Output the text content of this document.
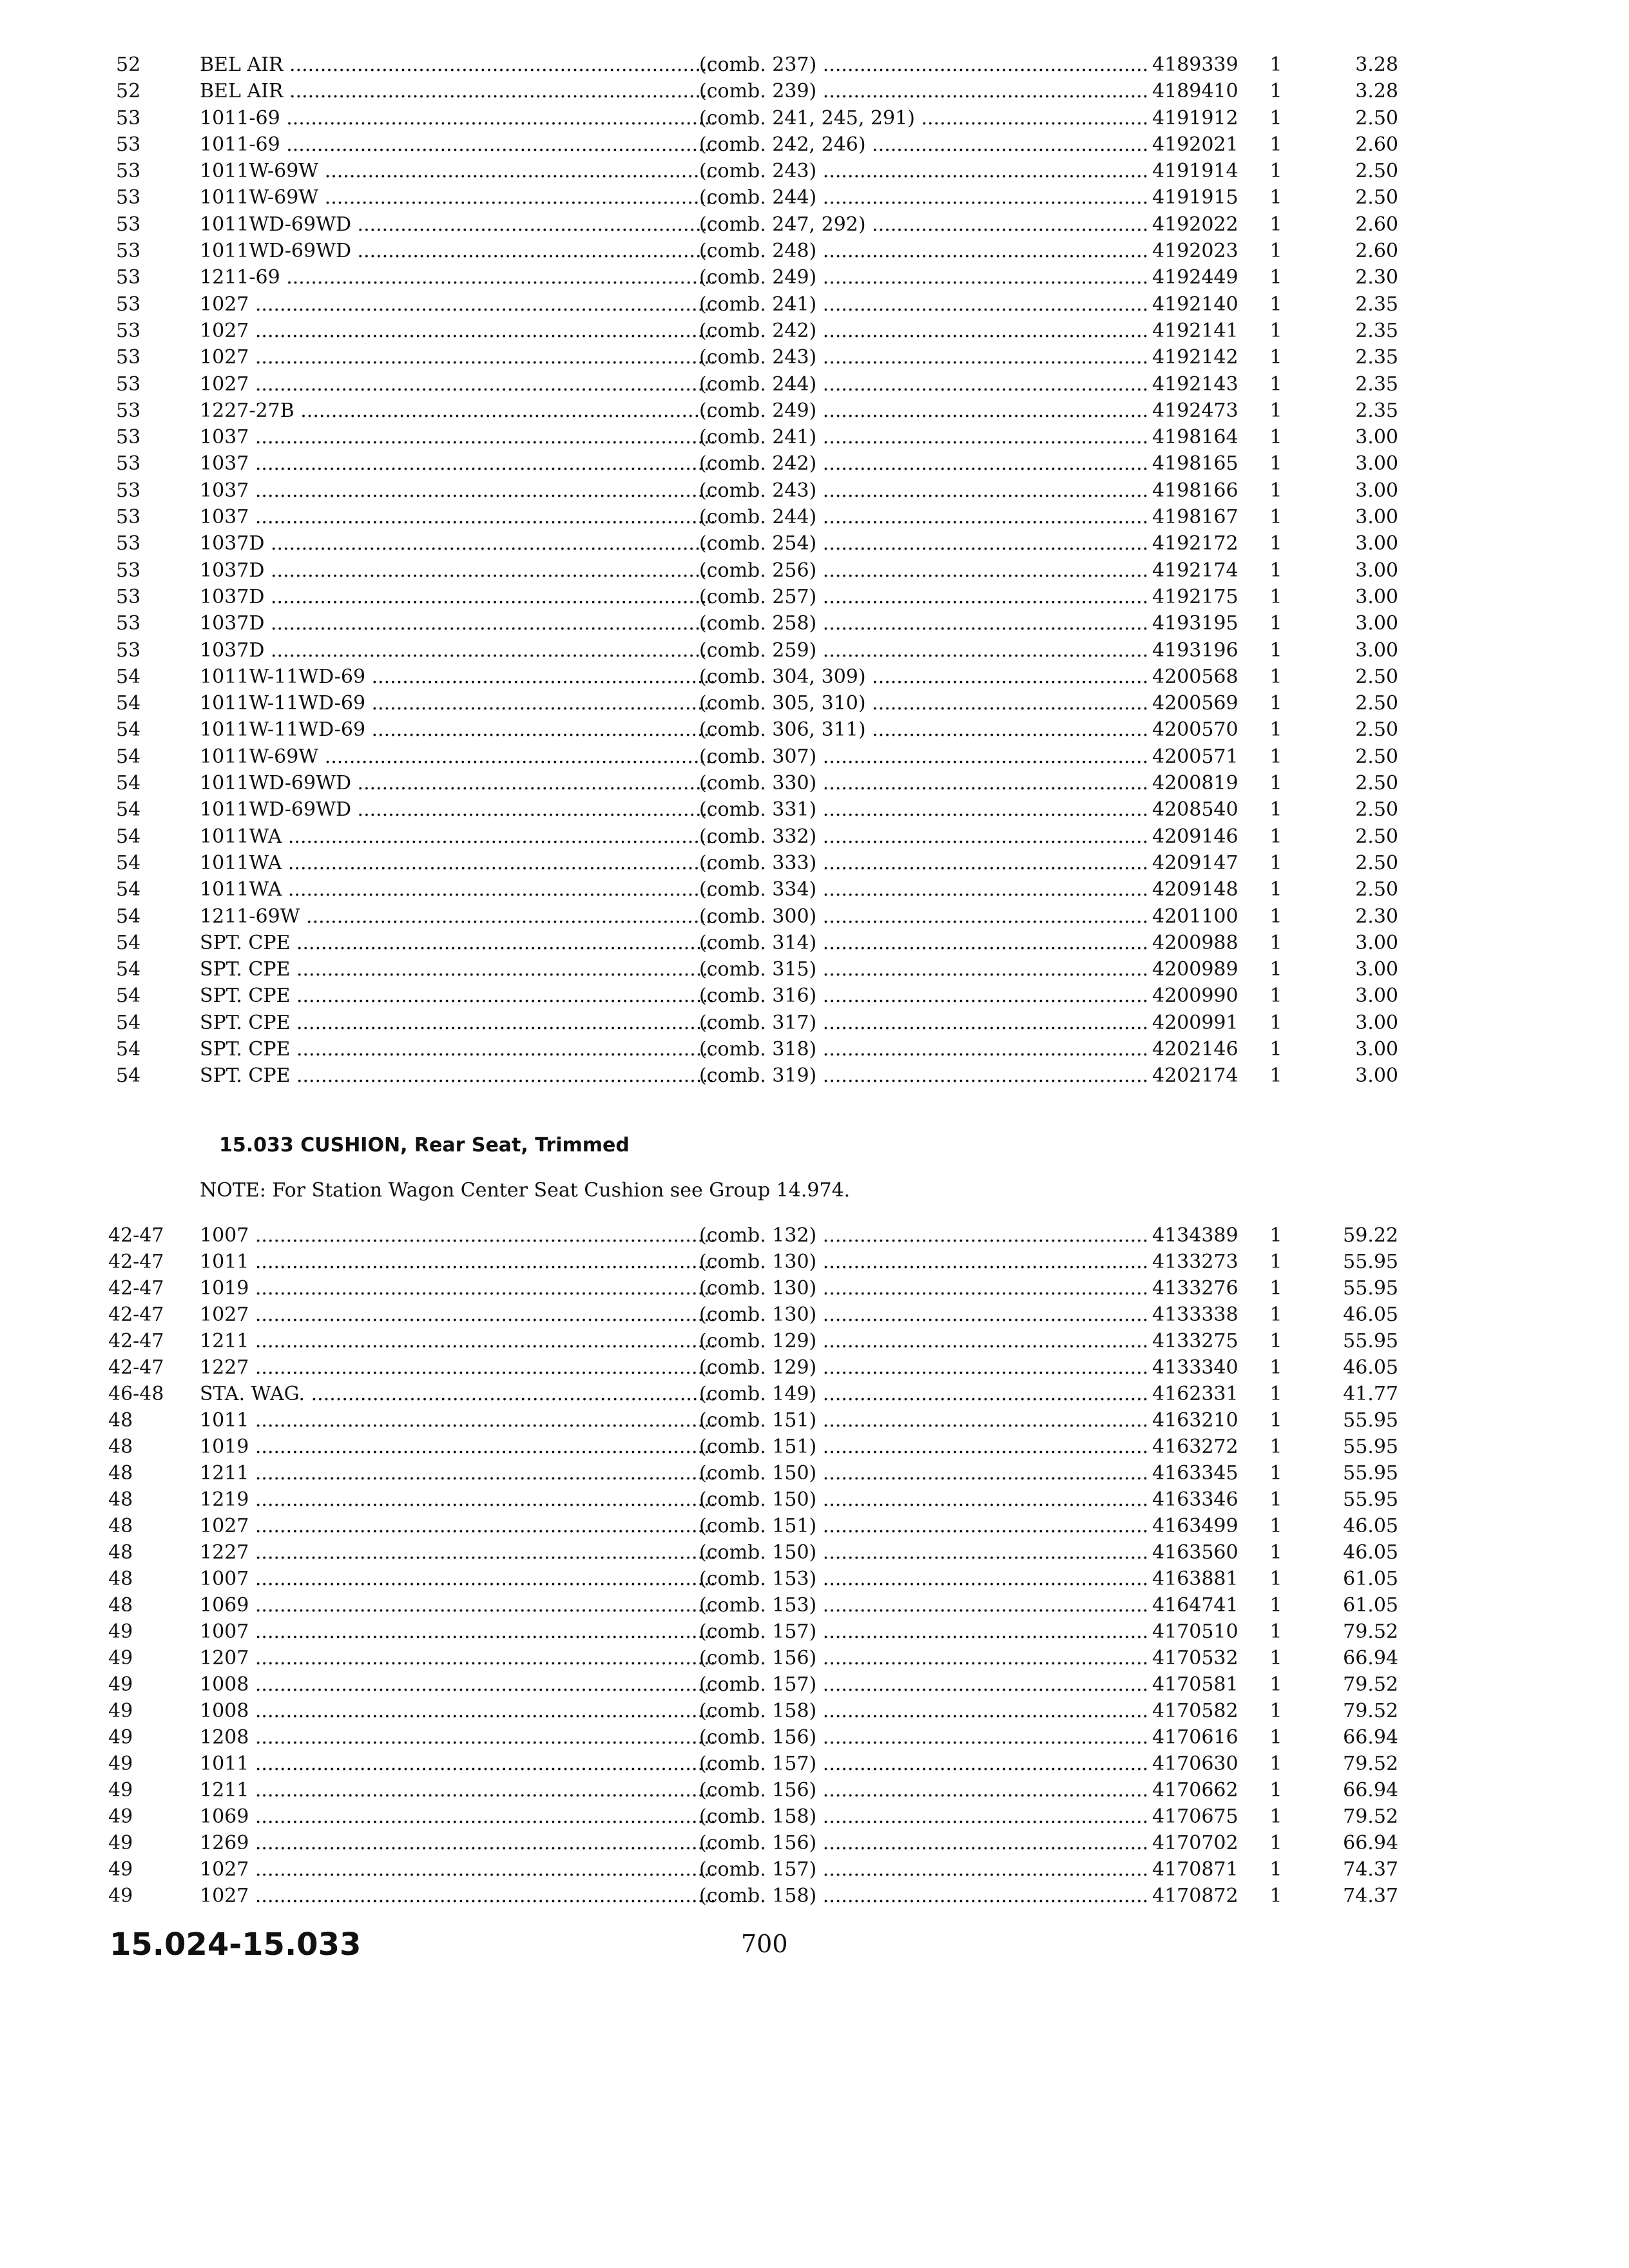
52	BEL AIR .....	(comb. 237) .....	4189339	1	3.28
52	BEL AIR .....	(comb. 239) .....	4189410	1	3.28
53	1011-69 .....	(comb. 241, 245, 291) .....	4191912	1	2.50
53	1011-69 .....	(comb. 242, 246) .....	4192021	1	2.60
53	1011W-69W .....	(comb. 243) .....	4191914	1	2.50
53	1011W-69W .....	(comb. 244) .....	4191915	1	2.50
53	1011WD-69WD .....	(comb. 247, 292) .....	4192022	1	2.60
53	1011WD-69WD .....	(comb. 248) .....	4192023	1	2.60
53	1211-69 .....	(comb. 249) .....	4192449	1	2.30
53	1027 .....	(comb. 241) .....	4192140	1	2.35
53	1027 .....	(comb. 242) .....	4192141	1	2.35
53	1027 .....	(comb. 243) .....	4192142	1	2.35
53	1027 .....	(comb. 244) .....	4192143	1	2.35
53	1227-27B .....	(comb. 249) .....	4192473	1	2.35
53	1037 .....	(comb. 241) .....	4198164	1	3.00
53	1037 .....	(comb. 242) .....	4198165	1	3.00
53	1037 .....	(comb. 243) .....	4198166	1	3.00
53	1037 .....	(comb. 244) .....	4198167	1	3.00
53	1037D .....	(comb. 254) .....	4192172	1	3.00
53	1037D .....	(comb. 256) .....	4192174	1	3.00
53	1037D .....	(comb. 257) .....	4192175	1	3.00
53	1037D .....	(comb. 258) .....	4193195	1	3.00
53	1037D .....	(comb. 259) .....	4193196	1	3.00
54	1011W-11WD-69 .....	(comb. 304, 309) .....	4200568	1	2.50
54	1011W-11WD-69 .....	(comb. 305, 310) .....	4200569	1	2.50
54	1011W-11WD-69 .....	(comb. 306, 311) .....	4200570	1	2.50
54	1011W-69W .....	(comb. 307) .....	4200571	1	2.50
54	1011WD-69WD .....	(comb. 330) .....	4200819	1	2.50
54	1011WD-69WD .....	(comb. 331) .....	4208540	1	2.50
54	1011WA .....	(comb. 332) .....	4209146	1	2.50
54	1011WA .....	(comb. 333) .....	4209147	1	2.50
54	1011WA .....	(comb. 334) .....	4209148	1	2.50
54	1211-69W .....	(comb. 300) .....	4201100	1	2.30
54	SPT. CPE .....	(comb. 314) .....	4200988	1	3.00
54	SPT. CPE .....	(comb. 315) .....	4200989	1	3.00
54	SPT. CPE .....	(comb. 316) .....	4200990	1	3.00
54	SPT. CPE .....	(comb. 317) .....	4200991	1	3.00
54	SPT. CPE .....	(comb. 318) .....	4202146	1	3.00
54	SPT. CPE .....	(comb. 319) .....	4202174	1	3.00
15.033 CUSHION, Rear Seat, Trimmed
NOTE: For Station Wagon Center Seat Cushion see Group 14.974.
42-47	1007 .....	(comb. 132) .....	4134389	1	59.22
42-47	1011 .....	(comb. 130) .....	4133273	1	55.95
42-47	1019 .....	(comb. 130) .....	4133276	1	55.95
42-47	1027 .....	(comb. 130) .....	4133338	1	46.05
42-47	1211 .....	(comb. 129) .....	4133275	1	55.95
42-47	1227 .....	(comb. 129) .....	4133340	1	46.05
46-48	STA. WAG. .....	(comb. 149) .....	4162331	1	41.77
48	1011 .....	(comb. 151) .....	4163210	1	55.95
48	1019 .....	(comb. 151) .....	4163272	1	55.95
48	1211 .....	(comb. 150) .....	4163345	1	55.95
48	1219 .....	(comb. 150) .....	4163346	1	55.95
48	1027 .....	(comb. 151) .....	4163499	1	46.05
48	1227 .....	(comb. 150) .....	4163560	1	46.05
48	1007 .....	(comb. 153) .....	4163881	1	61.05
48	1069 .....	(comb. 153) .....	4164741	1	61.05
49	1007 .....	(comb. 157) .....	4170510	1	79.52
49	1207 .....	(comb. 156) .....	4170532	1	66.94
49	1008 .....	(comb. 157) .....	4170581	1	79.52
49	1008 .....	(comb. 158) .....	4170582	1	79.52
49	1208 .....	(comb. 156) .....	4170616	1	66.94
49	1011 .....	(comb. 157) .....	4170630	1	79.52
49	1211 .....	(comb. 156) .....	4170662	1	66.94
49	1069 .....	(comb. 158) .....	4170675	1	79.52
49	1269 .....	(comb. 156) .....	4170702	1	66.94
49	1027 .....	(comb. 157) .....	4170871	1	74.37
49	1027 .....	(comb. 158) .....	4170872	1	74.37
15.024-15.033	700
